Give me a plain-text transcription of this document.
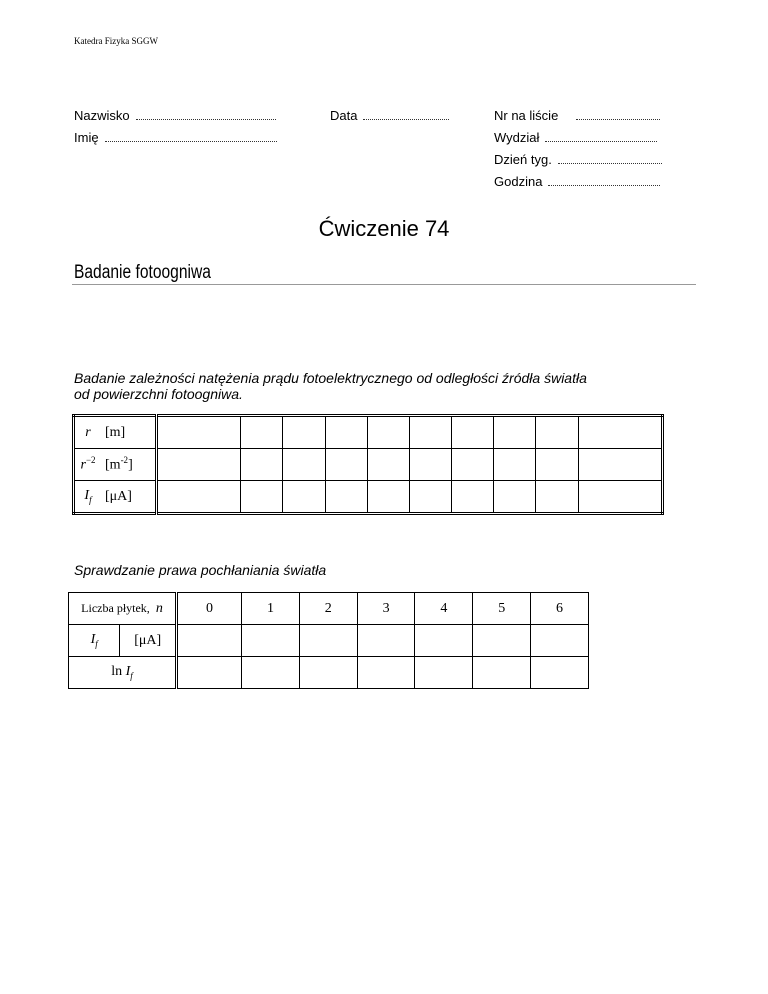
Katedra Fizyka SGGW
Nazwisko
Imię
Data	Nr na liście
Wydział
Dzień tyg.
Godzina
Ćwiczenie 74
Badanie fotoogniwa
Badanie zależności natężenia prądu fotoelektrycznego od odległości źródła światła
od powierzchni fotoogniwa.
r	[m]										
$r^{-2}$	$[m^{-2}]$										
$I_f$	[μA]										
Sprawdzanie prawa pochłaniania światła
Liczba płytek, n		0	1	2	3	4	5	6
$I_f$	[μA]							
$\ln I_f$							
